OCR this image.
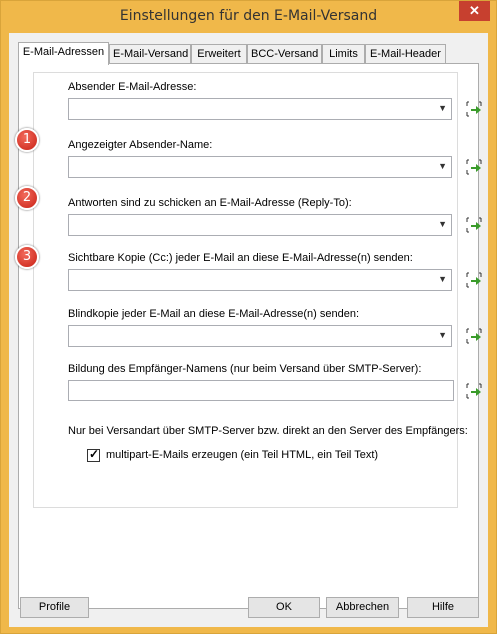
Einstellungen für den E-Mail-Versand	✕
E-Mail-Adressen E-Mail-Versand Erweitert BCC-Versand Limits	E-Mail-Header
Absender E-Mail-Adresse:
▼
Angezeigter Absender-Name:
▼
Antworten sind zu schicken an E-Mail-Adresse (Reply-To):
▼
Sichtbare Kopie (Cc:) jeder E-Mail an diese E-Mail-Adresse(n) senden:
▼
Blindkopie jeder E-Mail an diese E-Mail-Adresse(n) senden:
▼
Bildung des Empfänger-Namens (nur beim Versand über SMTP-Server):
Nur bei Versandart über SMTP-Server bzw. direkt an den Server des Empfängers:
✓ multipart-E-Mails erzeugen (ein Teil HTML, ein Teil Text)
1
2
3
Profile	OK	Abbrechen	Hilfe
